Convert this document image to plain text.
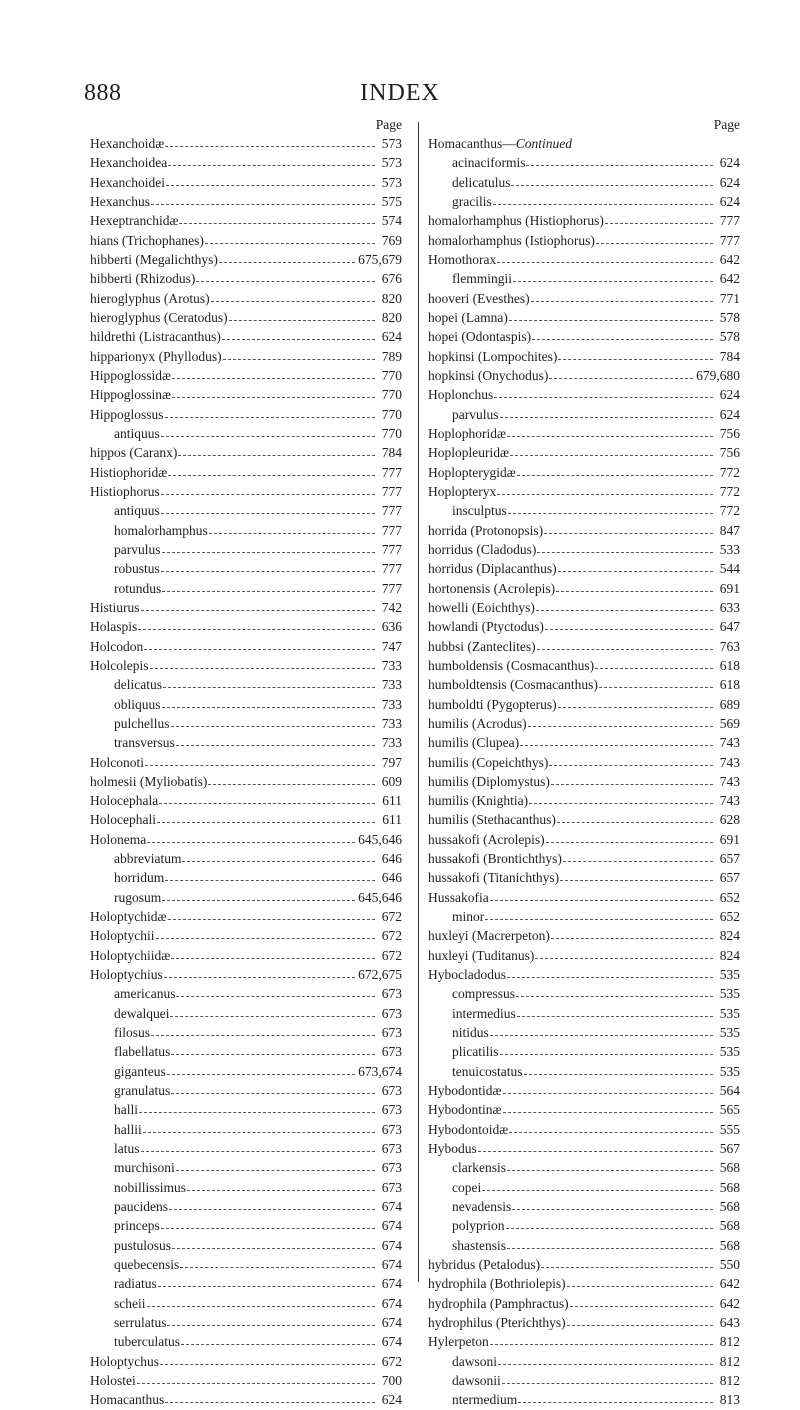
888	INDEX
Page
Hexanchoidæ	573
Hexanchoidea	573
Hexanchoidei	573
Hexanchus	575
Hexeptranchidæ	574
hians (Trichophanes)	769
hibberti (Megalichthys)	675,679
hibberti (Rhizodus)	676
hieroglyphus (Arotus)	820
hieroglyphus (Ceratodus)	820
hildrethi (Listracanthus)	624
hipparionyx (Phyllodus)	789
Hippoglossidæ	770
Hippoglossinæ	770
Hippoglossus	770
antiquus	770
hippos (Caranx)	784
Histiophoridæ	777
Histiophorus	777
antiquus	777
homalorhamphus	777
parvulus	777
robustus	777
rotundus	777
Histiurus	742
Holaspis	636
Holcodon	747
Holcolepis	733
delicatus	733
obliquus	733
pulchellus	733
transversus	733
Holconoti	797
holmesii (Myliobatis)	609
Holocephala	611
Holocephali	611
Holonema	645,646
abbreviatum	646
horridum	646
rugosum	645,646
Holoptychidæ	672
Holoptychii	672
Holoptychiidæ	672
Holoptychius	672,675
americanus	673
dewalquei	673
filosus	673
flabellatus	673
giganteus	673,674
granulatus	673
halli	673
hallii	673
latus	673
murchisoni	673
nobillissimus	673
paucidens	674
princeps	674
pustulosus	674
quebecensis	674
radiatus	674
scheii	674
serrulatus	674
tuberculatus	674
Holoptychus	672
Holostei	700
Homacanthus	624
Page
Homacanthus—Continued
acinaciformis	624
delicatulus	624
gracilis	624
homalorhamphus (Histiophorus)	777
homalorhamphus (Istiophorus)	777
Homothorax	642
flemmingii	642
hooveri (Evesthes)	771
hopei (Lamna)	578
hopei (Odontaspis)	578
hopkinsi (Lompochites)	784
hopkinsi (Onychodus)	679,680
Hoplonchus	624
parvulus	624
Hoplophoridæ	756
Hoplopleuridæ	756
Hoplopterygidæ	772
Hoplopteryx	772
insculptus	772
horrida (Protonopsis)	847
horridus (Cladodus)	533
horridus (Diplacanthus)	544
hortonensis (Acrolepis)	691
howelli (Eoichthys)	633
howlandi (Ptyctodus)	647
hubbsi (Zanteclites)	763
humboldensis (Cosmacanthus)	618
humboldtensis (Cosmacanthus)	618
humboldti (Pygopterus)	689
humilis (Acrodus)	569
humilis (Clupea)	743
humilis (Copeichthys)	743
humilis (Diplomystus)	743
humilis (Knightia)	743
humilis (Stethacanthus)	628
hussakofi (Acrolepis)	691
hussakofi (Brontichthys)	657
hussakofi (Titanichthys)	657
Hussakofia	652
minor	652
huxleyi (Macrerpeton)	824
huxleyi (Tuditanus)	824
Hybocladodus	535
compressus	535
intermedius	535
nitidus	535
plicatilis	535
tenuicostatus	535
Hybodontidæ	564
Hybodontinæ	565
Hybodontoidæ	555
Hybodus	567
clarkensis	568
copei	568
nevadensis	568
polyprion	568
shastensis	568
hybridus (Petalodus)	550
hydrophila (Bothriolepis)	642
hydrophila (Pamphractus)	642
hydrophilus (Pterichthys)	643
Hylerpeton	812
dawsoni	812
dawsonii	812
ntermedium	813
